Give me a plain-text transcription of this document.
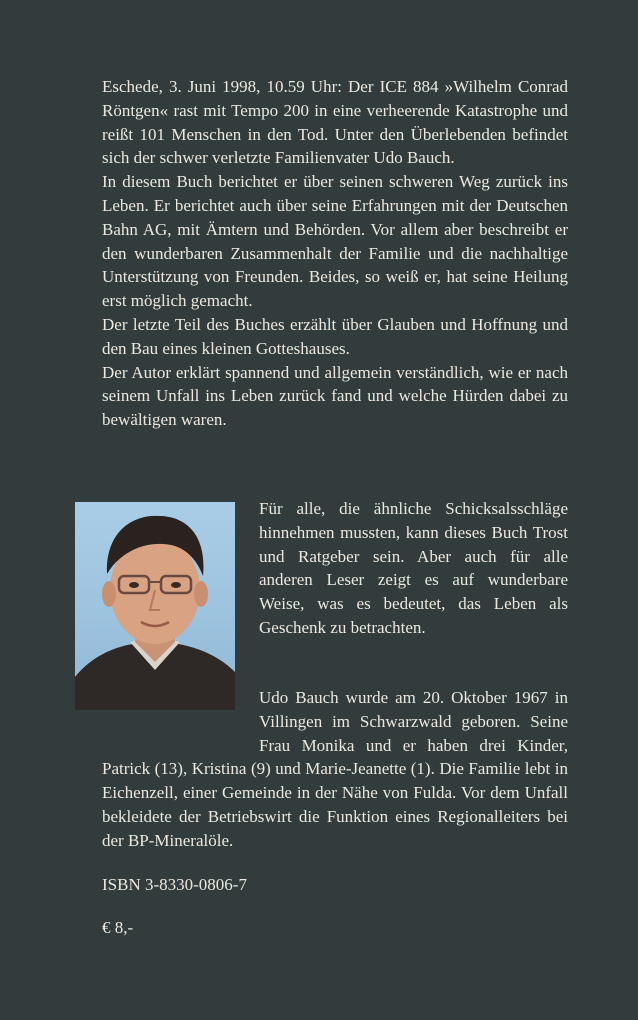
Eschede, 3. Juni 1998, 10.59 Uhr: Der ICE 884 »Wilhelm Conrad Röntgen« rast mit Tempo 200 in eine verheerende Katastrophe und reißt 101 Menschen in den Tod. Unter den Überlebenden befindet sich der schwer verletzte Familienvater Udo Bauch.
In diesem Buch berichtet er über seinen schweren Weg zurück ins Leben. Er berichtet auch über seine Erfahrungen mit der Deutschen Bahn AG, mit Ämtern und Behörden. Vor allem aber beschreibt er den wunderbaren Zusammenhalt der Familie und die nachhaltige Unterstützung von Freunden. Beides, so weiß er, hat seine Heilung erst möglich gemacht.
Der letzte Teil des Buches erzählt über Glauben und Hoffnung und den Bau eines kleinen Gotteshauses.
Der Autor erklärt spannend und allgemein verständlich, wie er nach seinem Unfall ins Leben zurück fand und welche Hürden dabei zu bewältigen waren.
Für alle, die ähnliche Schicksalsschläge hinnehmen mussten, kann dieses Buch Trost und Ratgeber sein. Aber auch für alle anderen Leser zeigt es auf wunderbare Weise, was es bedeutet, das Leben als Geschenk zu betrachten.
Udo Bauch wurde am 20. Oktober 1967 in Villingen im Schwarzwald geboren. Seine Frau Monika und er haben drei Kinder, Patrick (13), Kristina (9) und Marie-Jeanette (1). Die Familie lebt in Eichenzell, einer Gemeinde in der Nähe von Fulda. Vor dem Unfall bekleidete der Betriebswirt die Funktion eines Regionalleiters bei der BP-Mineralöle.
ISBN 3-8330-0806-7
€ 8,-
